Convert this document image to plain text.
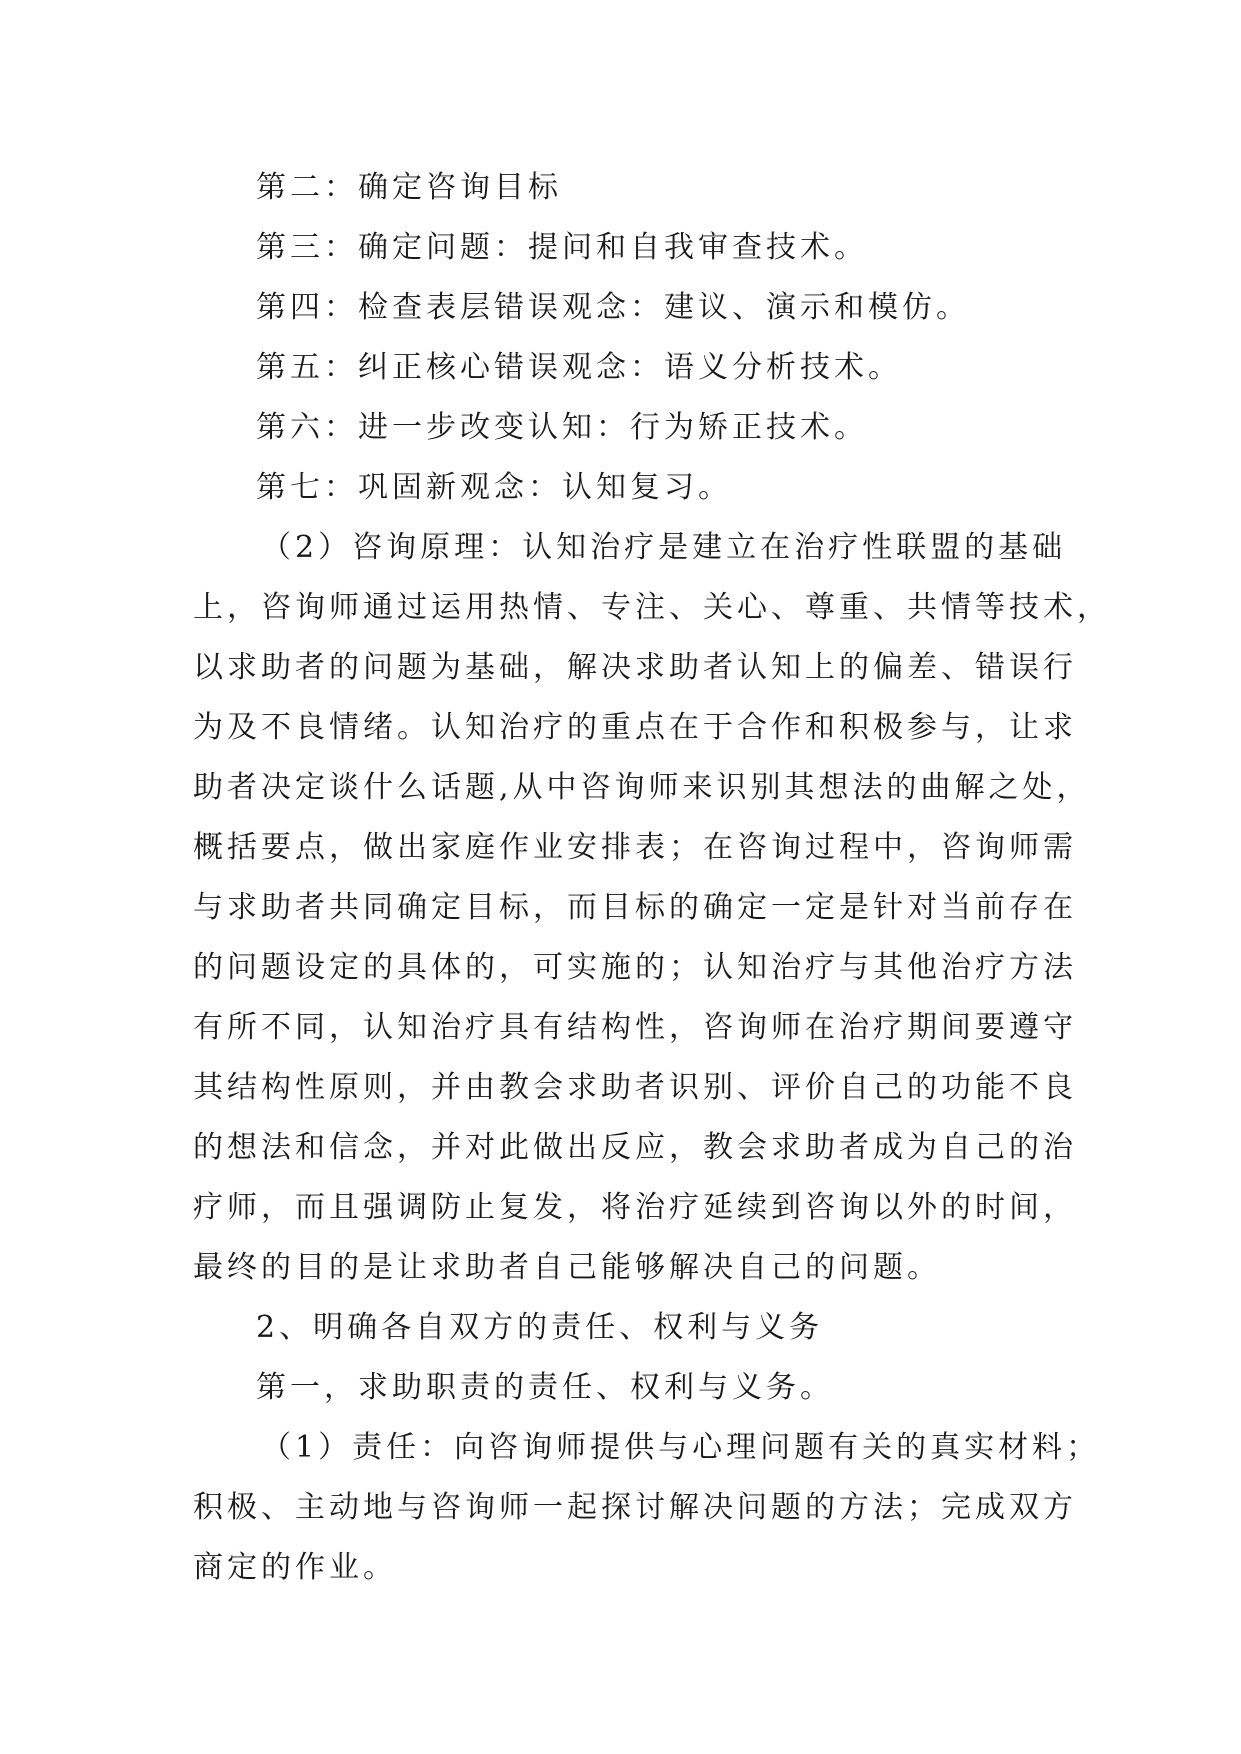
第二：确定咨询目标
第三：确定问题：提问和自我审查技术。
第四：检查表层错误观念：建议、演示和模仿。
第五：纠正核心错误观念：语义分析技术。
第六：进一步改变认知：行为矫正技术。
第七：巩固新观念：认知复习。
（2）咨询原理：认知治疗是建立在治疗性联盟的基础
上，咨询师通过运用热情、专注、关心、尊重、共情等技术，
以求助者的问题为基础，解决求助者认知上的偏差、错误行
为及不良情绪。认知治疗的重点在于合作和积极参与，让求
助者决定谈什么话题,从中咨询师来识别其想法的曲解之处，
概括要点，做出家庭作业安排表；在咨询过程中，咨询师需
与求助者共同确定目标，而目标的确定一定是针对当前存在
的问题设定的具体的，可实施的；认知治疗与其他治疗方法
有所不同，认知治疗具有结构性，咨询师在治疗期间要遵守
其结构性原则，并由教会求助者识别、评价自己的功能不良
的想法和信念，并对此做出反应，教会求助者成为自己的治
疗师，而且强调防止复发，将治疗延续到咨询以外的时间，
最终的目的是让求助者自己能够解决自己的问题。
2、明确各自双方的责任、权利与义务
第一，求助职责的责任、权利与义务。
（1）责任：向咨询师提供与心理问题有关的真实材料；
积极、主动地与咨询师一起探讨解决问题的方法；完成双方
商定的作业。
